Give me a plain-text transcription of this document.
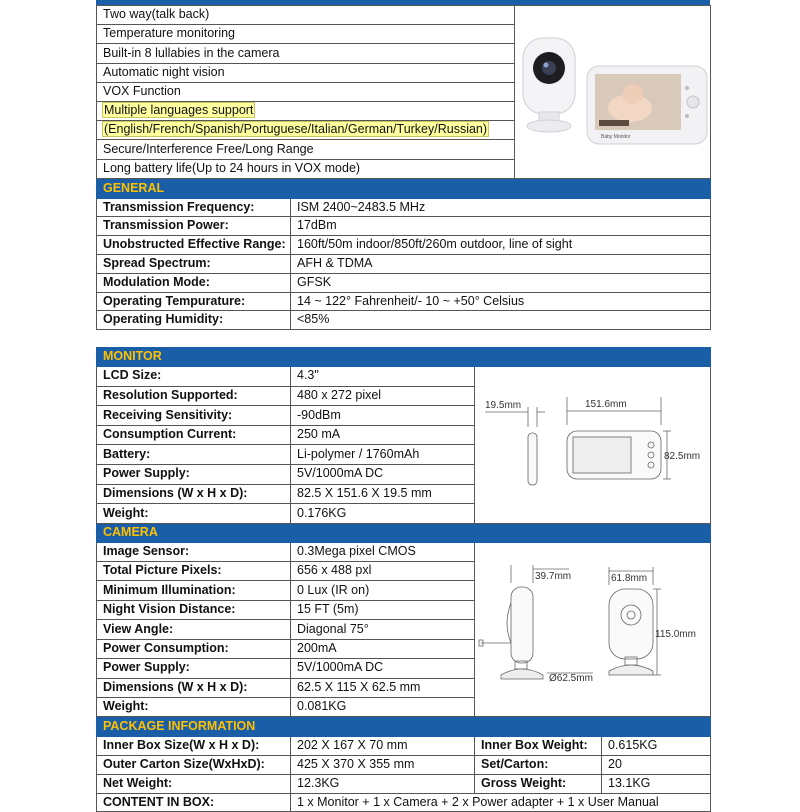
Two way(talk back)	
Baby Monitor

Temperature monitoring
Built-in 8 lullabies in the camera
Automatic night vision
VOX Function
Multiple languages support
(English/French/Spanish/Portuguese/Italian/German/Turkey/Russian)
Secure/Interference Free/Long Range
Long battery life(Up to 24 hours in VOX mode)
GENERAL	
Transmission Frequency:	ISM 2400~2483.5 MHz
Transmission Power:	17dBm
Unobstructed Effective Range:	160ft/50m indoor/850ft/260m outdoor, line of sight
Spread Spectrum:	AFH & TDMA
Modulation Mode:	GFSK
Operating Tempurature:	14 ~ 122° Fahrenheit/- 10 ~ +50° Celsius
Operating Humidity:	<85%
MONITOR		
LCD Size:	4.3"	19.5mm 151.6mm
82.5mm

Resolution Supported:	480 x 272 pixel	
Receiving Sensitivity:	-90dBm	
Consumption Current:	250 mA	
Battery:	Li-polymer / 1760mAh	
Power Supply:	5V/1000mA DC	
Dimensions (W x H x D):	82.5 X 151.6 X 19.5 mm	
Weight:	0.176KG	
CAMERA		
Image Sensor:	0.3Mega pixel CMOS	39.7mm 61.8mm
115.0mm
Ø62.5mm

Total Picture Pixels:	656 x 488 pxl	
Minimum Illumination:	0 Lux (IR on)	
Night Vision Distance:	15 FT (5m)	
View Angle:	Diagonal 75°	
Power Consumption:	200mA	
Power Supply:	5V/1000mA DC	
Dimensions (W x H x D):	62.5 X 115 X 62.5 mm	
Weight:	0.081KG	
PACKAGE INFORMATION			
Inner Box Size(W x H x D):	202 X 167 X 70 mm	Inner Box Weight:	0.615KG
Outer Carton Size(WxHxD):	425 X 370 X 355 mm	Set/Carton:	20
Net Weight:	12.3KG	Gross Weight:	13.1KG
CONTENT IN BOX:	1 x Monitor + 1 x Camera + 2 x Power adapter + 1 x User Manual		
